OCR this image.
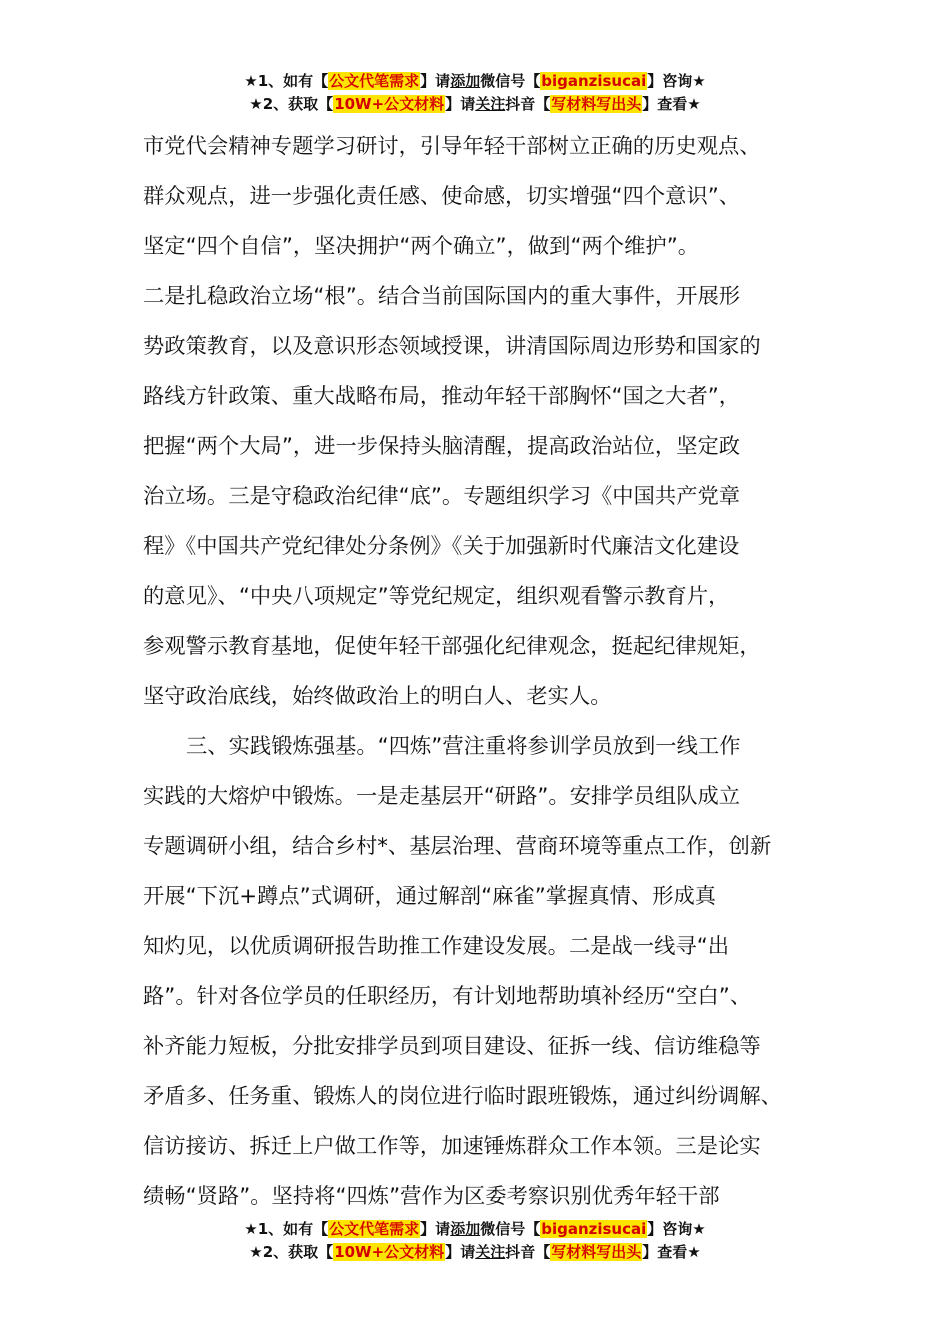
★1、如有【公文代笔需求】请添加微信号【biganzisucai】咨询★
★2、获取【10W+公文材料】请关注抖音【写材料写出头】查看★
市党代会精神专题学习研讨，引导年轻干部树立正确的历史观点、
群众观点，进一步强化责任感、使命感，切实增强“四个意识”、
坚定“四个自信”，坚决拥护“两个确立”，做到“两个维护”。
二是扎稳政治立场“根”。结合当前国际国内的重大事件，开展形
势政策教育，以及意识形态领域授课，讲清国际周边形势和国家的
路线方针政策、重大战略布局，推动年轻干部胸怀“国之大者”，
把握“两个大局”，进一步保持头脑清醒，提高政治站位，坚定政
治立场。三是守稳政治纪律“底”。专题组织学习《中国共产党章
程》《中国共产党纪律处分条例》《关于加强新时代廉洁文化建设
的意见》、“中央八项规定”等党纪规定，组织观看警示教育片，
参观警示教育基地，促使年轻干部强化纪律观念，挺起纪律规矩，
坚守政治底线，始终做政治上的明白人、老实人。
三、实践锻炼强基。“四炼”营注重将参训学员放到一线工作
实践的大熔炉中锻炼。一是走基层开“研路”。安排学员组队成立
专题调研小组，结合乡村*、基层治理、营商环境等重点工作，创新
开展“下沉+蹲点”式调研，通过解剖“麻雀”掌握真情、形成真
知灼见，以优质调研报告助推工作建设发展。二是战一线寻“出
路”。针对各位学员的任职经历，有计划地帮助填补经历“空白”、
补齐能力短板，分批安排学员到项目建设、征拆一线、信访维稳等
矛盾多、任务重、锻炼人的岗位进行临时跟班锻炼，通过纠纷调解、
信访接访、拆迁上户做工作等，加速锤炼群众工作本领。三是论实
绩畅“贤路”。坚持将“四炼”营作为区委考察识别优秀年轻干部
★1、如有【公文代笔需求】请添加微信号【biganzisucai】咨询★
★2、获取【10W+公文材料】请关注抖音【写材料写出头】查看★
